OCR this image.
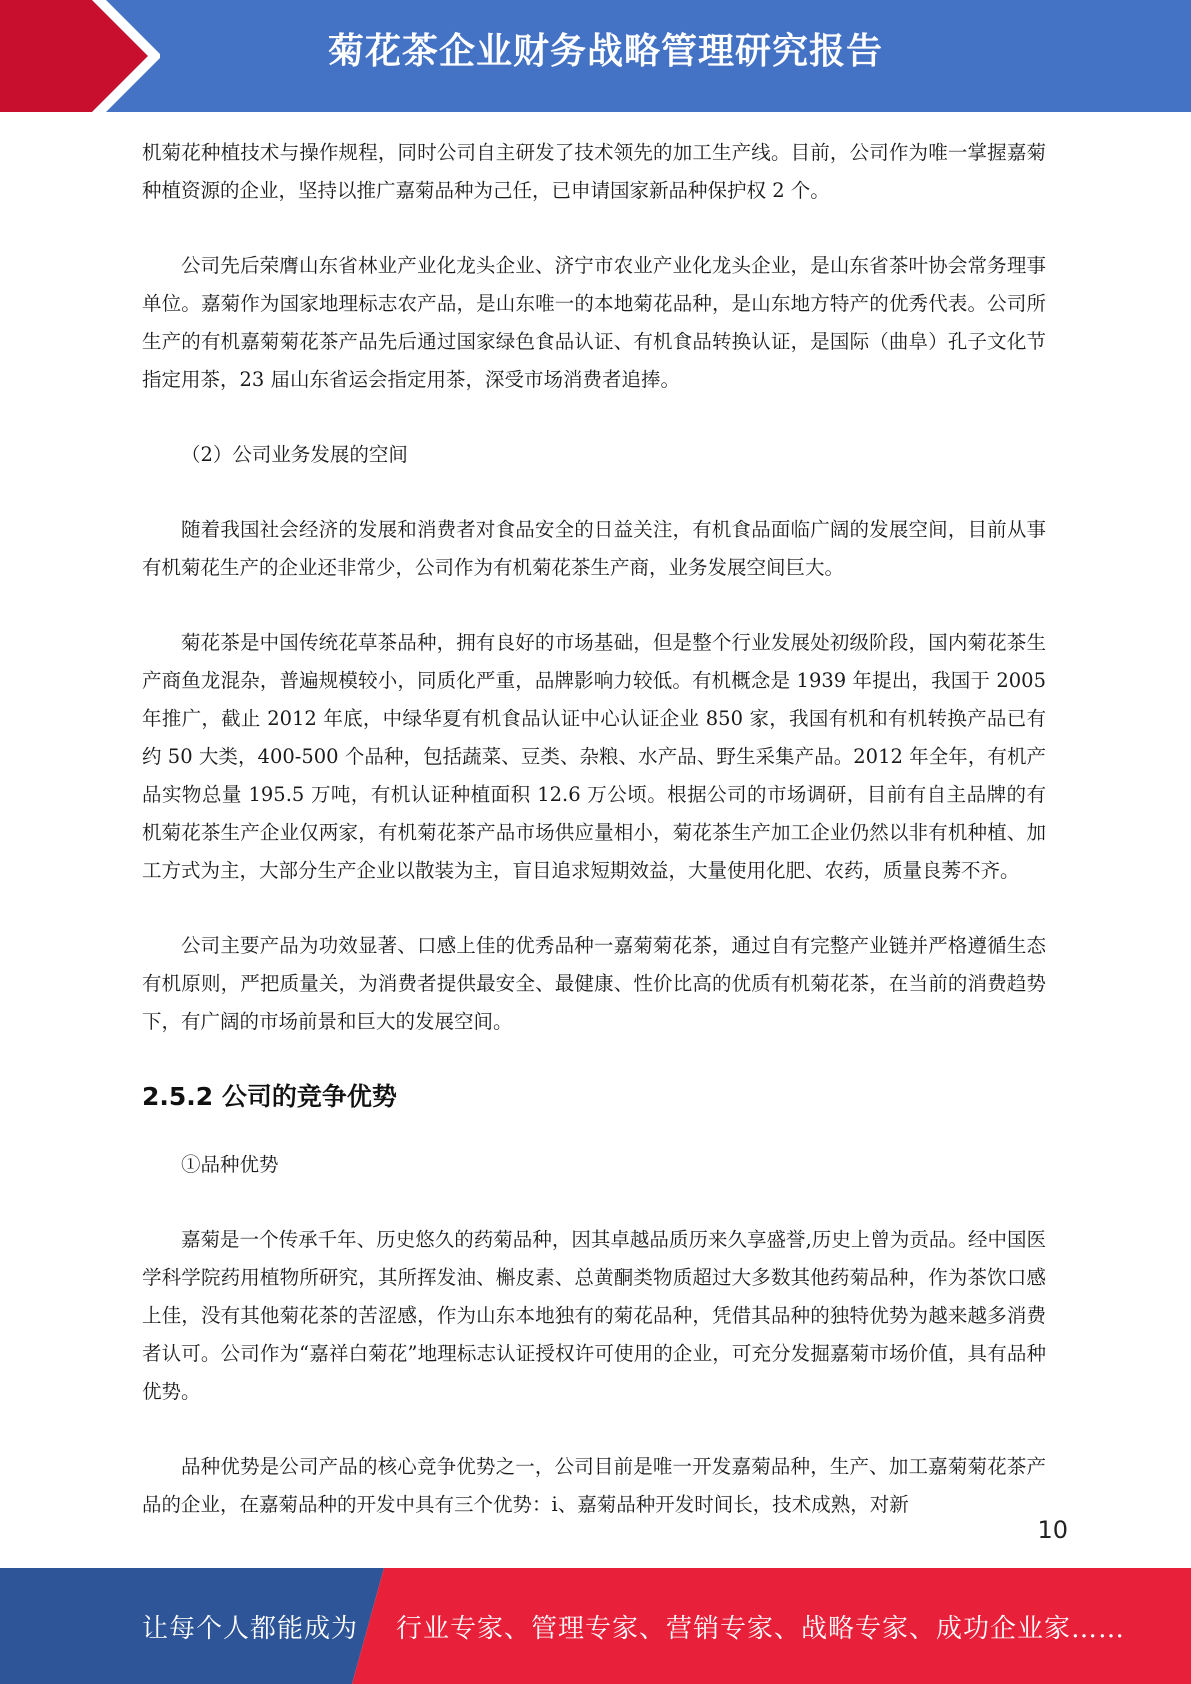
菊花茶企业财务战略管理研究报告

机菊花种植技术与操作规程，同时公司自主研发了技术领先的加工生产线。目前，公司作为唯一掌握嘉菊种植资源的企业，坚持以推广嘉菊品种为己任，已申请国家新品种保护权 2 个。

公司先后荣膺山东省林业产业化龙头企业、济宁市农业产业化龙头企业，是山东省茶叶协会常务理事单位。嘉菊作为国家地理标志农产品，是山东唯一的本地菊花品种，是山东地方特产的优秀代表。公司所生产的有机嘉菊菊花茶产品先后通过国家绿色食品认证、有机食品转换认证，是国际（曲阜）孔子文化节指定用茶，23 届山东省运会指定用茶，深受市场消费者追捧。

（2）公司业务发展的空间

随着我国社会经济的发展和消费者对食品安全的日益关注，有机食品面临广阔的发展空间，目前从事有机菊花生产的企业还非常少，公司作为有机菊花茶生产商，业务发展空间巨大。

菊花茶是中国传统花草茶品种，拥有良好的市场基础，但是整个行业发展处初级阶段，国内菊花茶生产商鱼龙混杂，普遍规模较小，同质化严重，品牌影响力较低。有机概念是 1939 年提出，我国于 2005 年推广，截止 2012 年底，中绿华夏有机食品认证中心认证企业 850 家，我国有机和有机转换产品已有约 50 大类，400-500 个品种，包括蔬菜、豆类、杂粮、水产品、野生采集产品。2012 年全年，有机产品实物总量 195.5 万吨，有机认证种植面积 12.6 万公顷。根据公司的市场调研，目前有自主品牌的有机菊花茶生产企业仅两家，有机菊花茶产品市场供应量相小，菊花茶生产加工企业仍然以非有机种植、加工方式为主，大部分生产企业以散装为主，盲目追求短期效益，大量使用化肥、农药，质量良莠不齐。

公司主要产品为功效显著、口感上佳的优秀品种一嘉菊菊花茶，通过自有完整产业链并严格遵循生态有机原则，严把质量关，为消费者提供最安全、最健康、性价比高的优质有机菊花茶，在当前的消费趋势下，有广阔的市场前景和巨大的发展空间。

2.5.2 公司的竞争优势

①品种优势

嘉菊是一个传承千年、历史悠久的药菊品种，因其卓越品质历来久享盛誉,历史上曾为贡品。经中国医学科学院药用植物所研究，其所挥发油、槲皮素、总黄酮类物质超过大多数其他药菊品种，作为茶饮口感上佳，没有其他菊花茶的苦涩感，作为山东本地独有的菊花品种，凭借其品种的独特优势为越来越多消费者认可。公司作为“嘉祥白菊花”地理标志认证授权许可使用的企业，可充分发掘嘉菊市场价值，具有品种优势。

品种优势是公司产品的核心竞争优势之一，公司目前是唯一开发嘉菊品种，生产、加工嘉菊菊花茶产品的企业，在嘉菊品种的开发中具有三个优势：i、嘉菊品种开发时间长，技术成熟，对新

10
让每个人都能成为 行业专家、管理专家、营销专家、战略专家、成功企业家……
